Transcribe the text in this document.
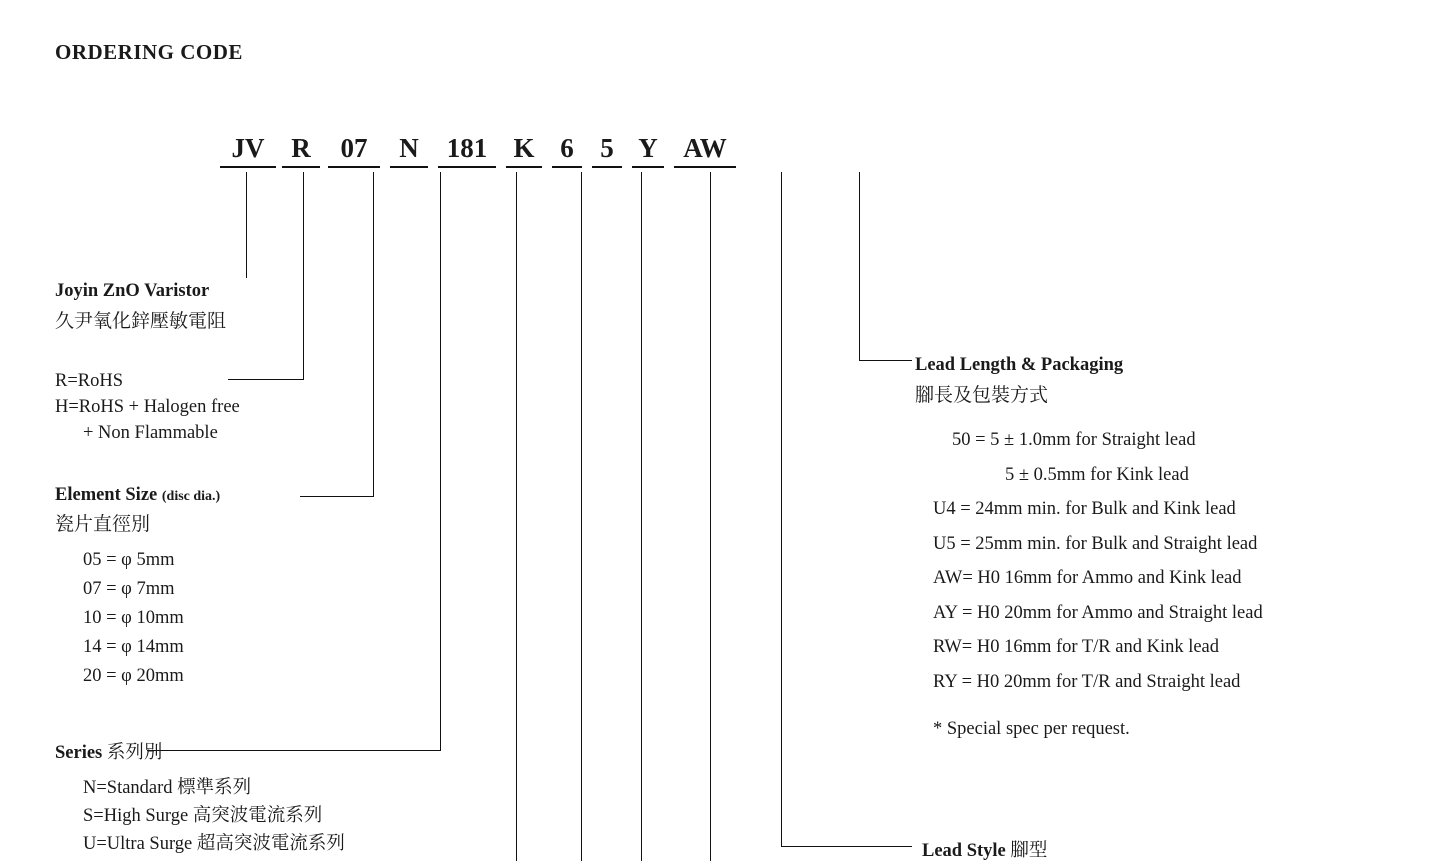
ORDERING CODE
JV R	07	N	181 K 6 5 Y AW
Joyin ZnO Varistor
久尹氧化鋅壓敏電阻
R=RoHS
H=RoHS + Halogen free
+ Non Flammable
Element Size (disc dia.)
瓷片直徑別
05 = φ 5mm
07 = φ 7mm
10 = φ 10mm
14 = φ 14mm
20 = φ 20mm
Series 系列別
N=Standard 標準系列
S=High Surge 高突波電流系列
U=Ultra Surge 超高突波電流系列
Lead Length & Packaging
腳長及包裝方式
50 = 5 ± 1.0mm for Straight lead
5 ± 0.5mm for Kink lead
U4 = 24mm min. for Bulk and Kink lead
U5 = 25mm min. for Bulk and Straight lead
AW= H0 16mm for Ammo and Kink lead
AY = H0 20mm for Ammo and Straight lead
RW= H0 16mm for T/R and Kink lead
RY = H0 20mm for T/R and Straight lead
* Special spec per request.
Lead Style 腳型
